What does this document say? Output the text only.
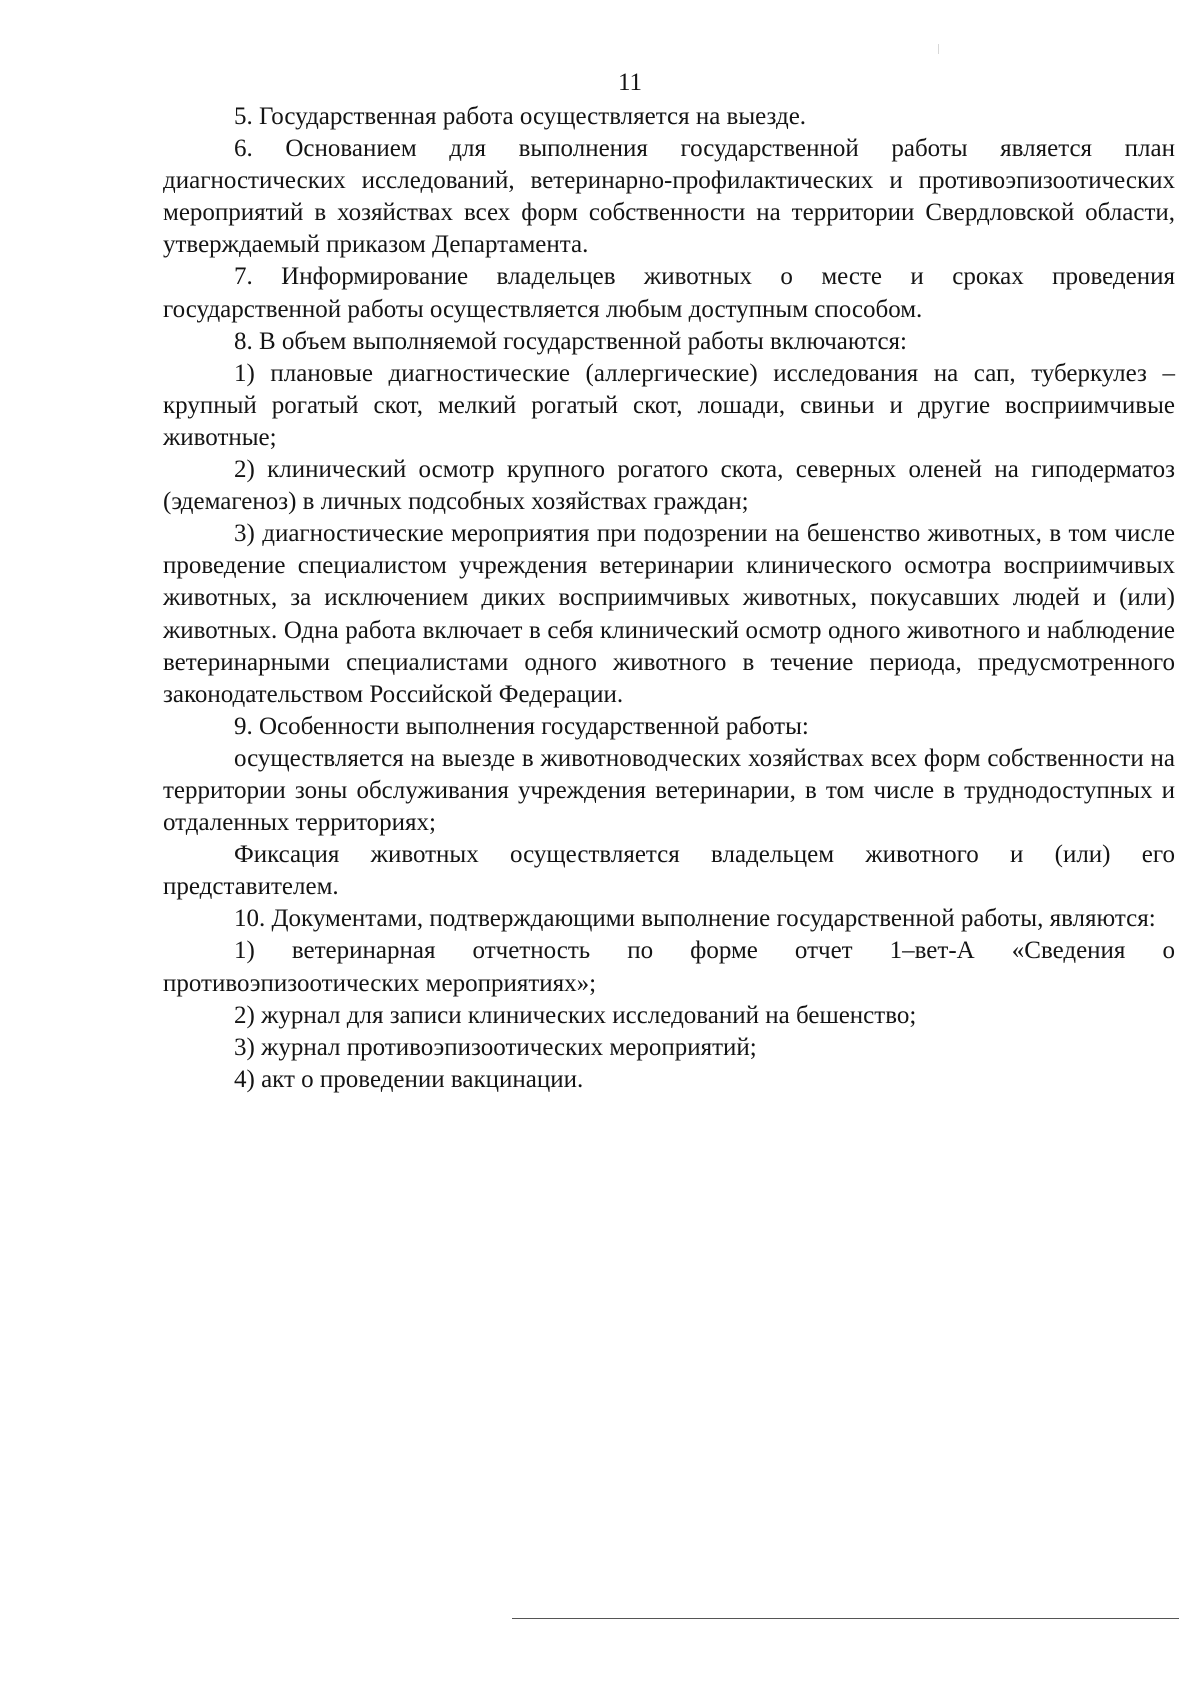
11

5. Государственная работа осуществляется на выезде.

6. Основанием для выполнения государственной работы является план диагностических исследований, ветеринарно-профилактических и противоэпизоотических мероприятий в хозяйствах всех форм собственности на территории Свердловской области, утверждаемый приказом Департамента.

7. Информирование владельцев животных о месте и сроках проведения государственной работы осуществляется любым доступным способом.

8. В объем выполняемой государственной работы включаются:

1) плановые диагностические (аллергические) исследования на сап, туберкулез – крупный рогатый скот, мелкий рогатый скот, лошади, свиньи и другие восприимчивые животные;

2) клинический осмотр крупного рогатого скота, северных оленей на гиподерматоз (эдемагеноз) в личных подсобных хозяйствах граждан;

3) диагностические мероприятия при подозрении на бешенство животных, в том числе проведение специалистом учреждения ветеринарии клинического осмотра восприимчивых животных, за исключением диких восприимчивых животных, покусавших людей и (или) животных. Одна работа включает в себя клинический осмотр одного животного и наблюдение ветеринарными специалистами одного животного в течение периода, предусмотренного законодательством Российской Федерации.

9. Особенности выполнения государственной работы:

осуществляется на выезде в животноводческих хозяйствах всех форм собственности на территории зоны обслуживания учреждения ветеринарии, в том числе в труднодоступных и отдаленных территориях;

Фиксация животных осуществляется владельцем животного и (или) его представителем.

10. Документами, подтверждающими выполнение государственной работы, являются:

1) ветеринарная отчетность по форме отчет 1–вет-А «Сведения о противоэпизоотических мероприятиях»;

2) журнал для записи клинических исследований на бешенство;

3) журнал противоэпизоотических мероприятий;

4) акт о проведении вакцинации.
